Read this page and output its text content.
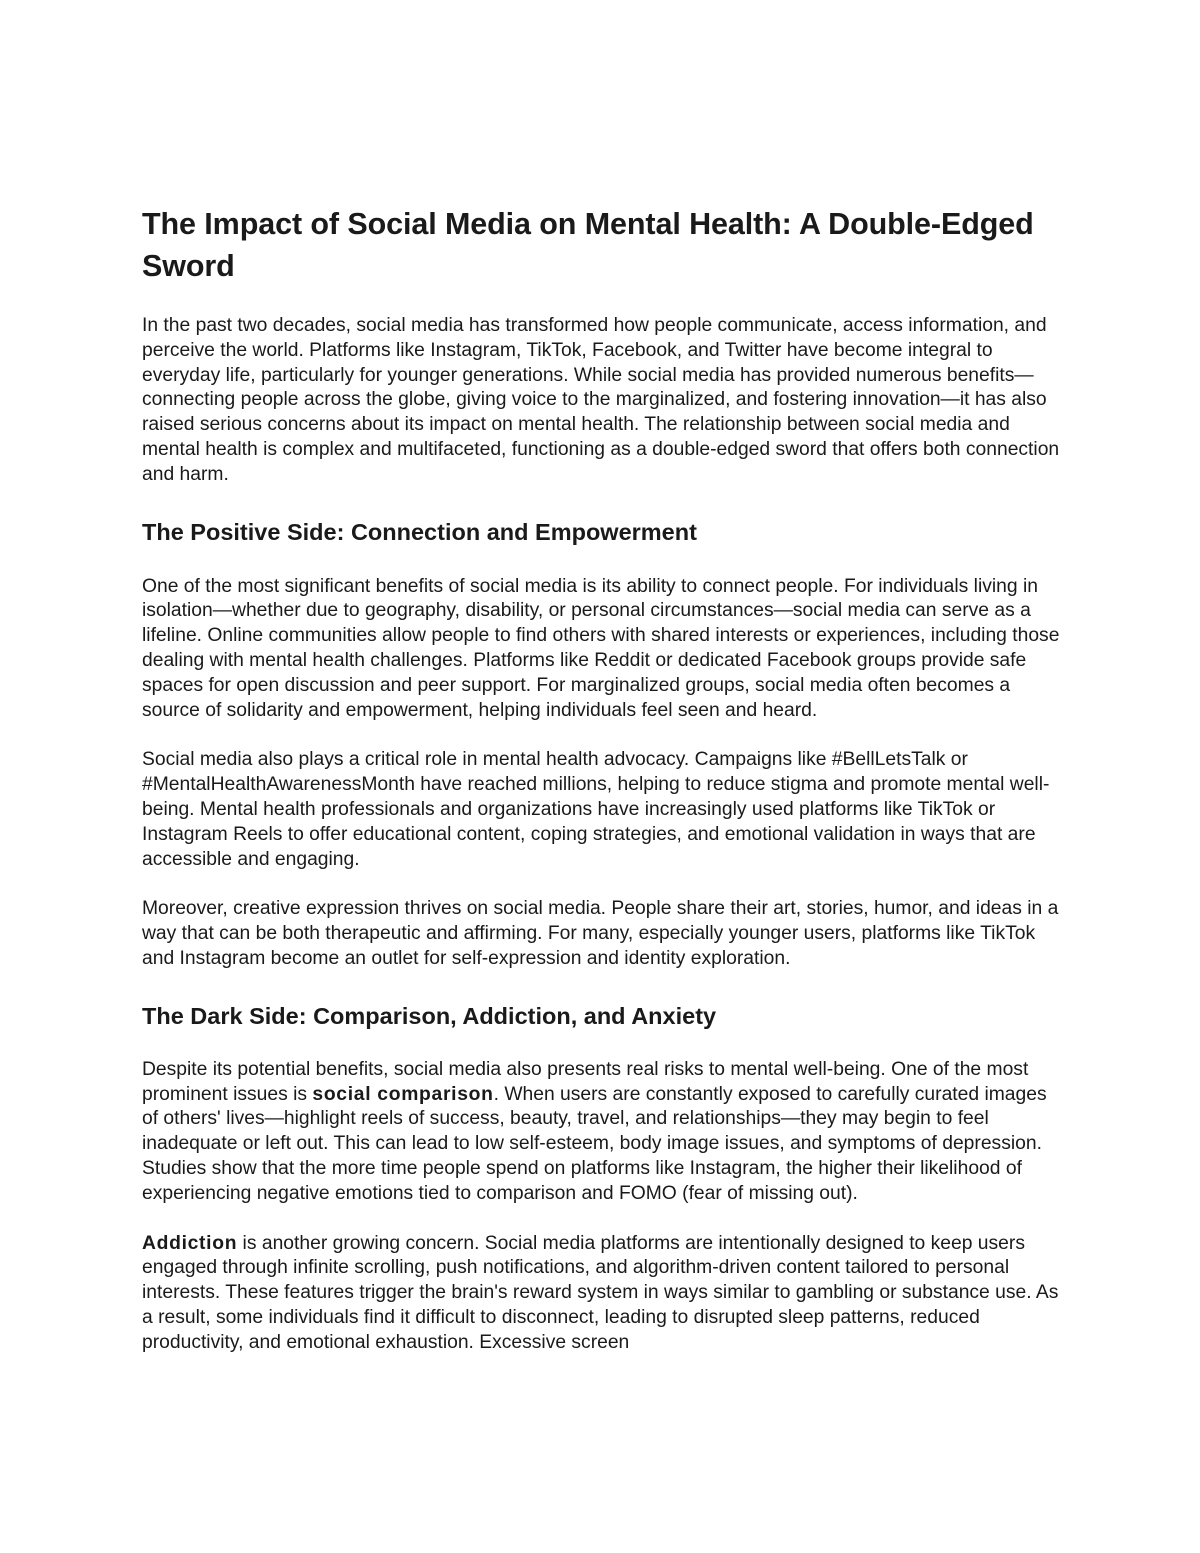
The Impact of Social Media on Mental Health: A Double-Edged Sword

In the past two decades, social media has transformed how people communicate, access information, and perceive the world. Platforms like Instagram, TikTok, Facebook, and Twitter have become integral to everyday life, particularly for younger generations. While social media has provided numerous benefits—connecting people across the globe, giving voice to the marginalized, and fostering innovation—it has also raised serious concerns about its impact on mental health. The relationship between social media and mental health is complex and multifaceted, functioning as a double-edged sword that offers both connection and harm.

The Positive Side: Connection and Empowerment

One of the most significant benefits of social media is its ability to connect people. For individuals living in isolation—whether due to geography, disability, or personal circumstances—social media can serve as a lifeline. Online communities allow people to find others with shared interests or experiences, including those dealing with mental health challenges. Platforms like Reddit or dedicated Facebook groups provide safe spaces for open discussion and peer support. For marginalized groups, social media often becomes a source of solidarity and empowerment, helping individuals feel seen and heard.

Social media also plays a critical role in mental health advocacy. Campaigns like #BellLetsTalk or #MentalHealthAwarenessMonth have reached millions, helping to reduce stigma and promote mental well-being. Mental health professionals and organizations have increasingly used platforms like TikTok or Instagram Reels to offer educational content, coping strategies, and emotional validation in ways that are accessible and engaging.

Moreover, creative expression thrives on social media. People share their art, stories, humor, and ideas in a way that can be both therapeutic and affirming. For many, especially younger users, platforms like TikTok and Instagram become an outlet for self-expression and identity exploration.

The Dark Side: Comparison, Addiction, and Anxiety

Despite its potential benefits, social media also presents real risks to mental well-being. One of the most prominent issues is social comparison. When users are constantly exposed to carefully curated images of others' lives—highlight reels of success, beauty, travel, and relationships—they may begin to feel inadequate or left out. This can lead to low self-esteem, body image issues, and symptoms of depression. Studies show that the more time people spend on platforms like Instagram, the higher their likelihood of experiencing negative emotions tied to comparison and FOMO (fear of missing out).

Addiction is another growing concern. Social media platforms are intentionally designed to keep users engaged through infinite scrolling, push notifications, and algorithm-driven content tailored to personal interests. These features trigger the brain's reward system in ways similar to gambling or substance use. As a result, some individuals find it difficult to disconnect, leading to disrupted sleep patterns, reduced productivity, and emotional exhaustion. Excessive screen
